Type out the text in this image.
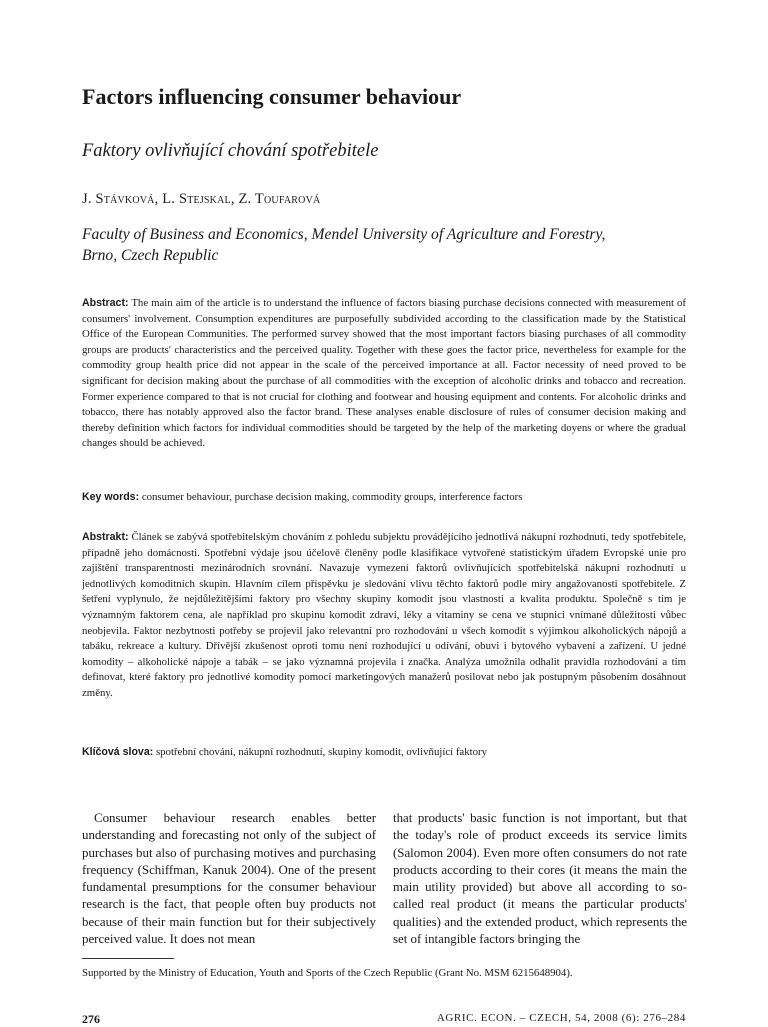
Factors influencing consumer behaviour
Faktory ovlivňující chování spotřebitele
J. Stávková, L. Stejskal, Z. Toufarová
Faculty of Business and Economics, Mendel University of Agriculture and Forestry, Brno, Czech Republic

Abstract: The main aim of the article is to understand the influence of factors biasing purchase decisions connected with measurement of consumers' involvement. Consumption expenditures are purposefully subdivided according to the classification made by the Statistical Office of the European Communities. The performed survey showed that the most important factors biasing purchases of all commodity groups are products' characteristics and the perceived quality. Together with these goes the factor price, nevertheless for example for the commodity group health price did not appear in the scale of the perceived importance at all. Factor necessity of need proved to be significant for decision making about the purchase of all commodities with the exception of alcoholic drinks and tobacco and recreation. Former experience compared to that is not crucial for clothing and footwear and housing equipment and contents. For alcoholic drinks and tobacco, there has notably approved also the factor brand. These analyses enable disclosure of rules of consumer decision making and thereby definition which factors for individual commodities should be targeted by the help of the marketing doyens or where the gradual changes should be achieved.

Key words: consumer behaviour, purchase decision making, commodity groups, interference factors

Abstrakt: Článek se zabývá spotřebitelským chováním z pohledu subjektu provádějícího jednotlivá nákupní rozhodnutí, tedy spotřebitele, případně jeho domácnosti. Spotřební výdaje jsou účelově členěny podle klasifikace vytvořené statistickým úřadem Evropské unie pro zajištění transparentnosti mezinárodních srovnání. Navazuje vymezení faktorů ovlivňujících spotřebitelská nákupní rozhodnutí u jednotlivých komoditních skupin. Hlavním cílem příspěvku je sledování vlivu těchto faktorů podle míry angažovanosti spotřebitele. Z šetření vyplynulo, že nejdůležitějšími faktory pro všechny skupiny komodit jsou vlastnosti a kvalita produktu. Společně s tím je významným faktorem cena, ale například pro skupinu komodit zdraví, léky a vitaminy se cena ve stupnici vnímané důležitosti vůbec neobjevila. Faktor nezbytnosti potřeby se projevil jako relevantní pro rozhodování u všech komodit s výjimkou alkoholických nápojů a tabáku, rekreace a kultury. Dřívější zkušenost oproti tomu není rozhodující u odívání, obuvi i bytového vybavení a zařízení. U jedné komodity – alkoholické nápoje a tabák – se jako významná projevila i značka. Analýza umožnila odhalit pravidla rozhodování a tím definovat, které faktory pro jednotlivé komodity pomocí marketingových manažerů posilovat nebo jak postupným působením dosáhnout změny.

Klíčová slova: spotřební chování, nákupní rozhodnutí, skupiny komodit, ovlivňující faktory

Consumer behaviour research enables better understanding and forecasting not only of the subject of purchases but also of purchasing motives and purchasing frequency (Schiffman, Kanuk 2004). One of the present fundamental presumptions for the consumer behaviour research is the fact, that people often buy products not because of their main function but for their subjectively perceived value. It does not mean

that products' basic function is not important, but that the today's role of product exceeds its service limits (Salomon 2004). Even more often consumers do not rate products according to their cores (it means the main the main utility provided) but above all according to so-called real product (it means the particular products' qualities) and the extended product, which represents the set of intangible factors bringing the

Supported by the Ministry of Education, Youth and Sports of the Czech Republic (Grant No. MSM 6215648904).
276	AGRIC. ECON. – CZECH, 54, 2008 (6): 276–284
